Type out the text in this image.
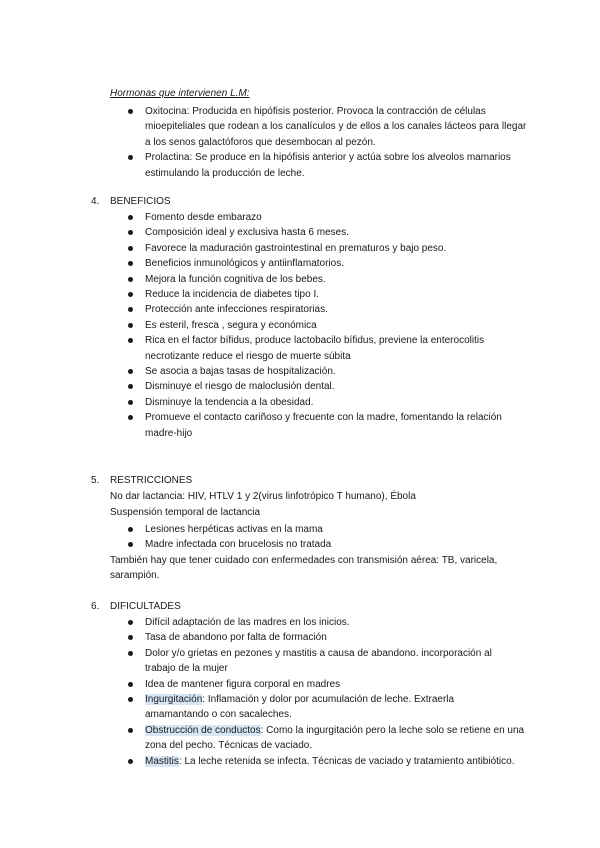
Hormonas que intervienen L.M:
Oxitocina: Producida en hipófisis posterior. Provoca la contracción de células
mioepiteliales que rodean a los canalículos y de ellos a los canales lácteos para llegar
a los senos galactóforos que desembocan al pezón.
Prolactina: Se produce en la hipófisis anterior y actúa sobre los alveolos mamarios
estimulando la producción de leche.
4. BENEFICIOS
Fomento desde embarazo
Composición ideal y exclusiva hasta 6 meses.
Favorece la maduración gastrointestinal en prematuros y bajo peso.
Beneficios inmunológicos y antiinflamatorios.
Mejora la función cognitiva de los bebes.
Reduce la incidencia de diabetes tipo I.
Protección ante infecciones respiratorias.
Es esteril, fresca , segura y económica
Rica en el factor bífidus, produce lactobacilo bífidus, previene la enterocolitis
necrotizante reduce el riesgo de muerte súbita
Se asocia a bajas tasas de hospitalización.
Disminuye el riesgo de maloclusión dental.
Disminuye la tendencia a la obesidad.
Promueve el contacto cariñoso y frecuente con la madre, fomentando la relación
madre-hijo
5. RESTRICCIONES
No dar lactancia: HIV, HTLV 1 y 2(virus linfotrópico T humano), Ébola
Suspensión temporal de lactancia
Lesiones herpéticas activas en la mama
Madre infectada con brucelosis no tratada
También hay que tener cuidado con enfermedades con transmisión aérea: TB, varicela,
sarampión.
6. DIFICULTADES
Difícil adaptación de las madres en los inicios.
Tasa de abandono por falta de formación
Dolor y/o grietas en pezones y mastitis a causa de abandono. incorporación al
trabajo de la mujer
Idea de mantener figura corporal en madres
Ingurgitación: Inflamación y dolor por acumulación de leche. Extraerla
amamantando o con sacaleches.
Obstrucción de conductos: Como la ingurgitación pero la leche solo se retiene en una
zona del pecho. Técnicas de vaciado.
Mastitis: La leche retenida se infecta. Técnicas de vaciado y tratamiento antibiótico.
